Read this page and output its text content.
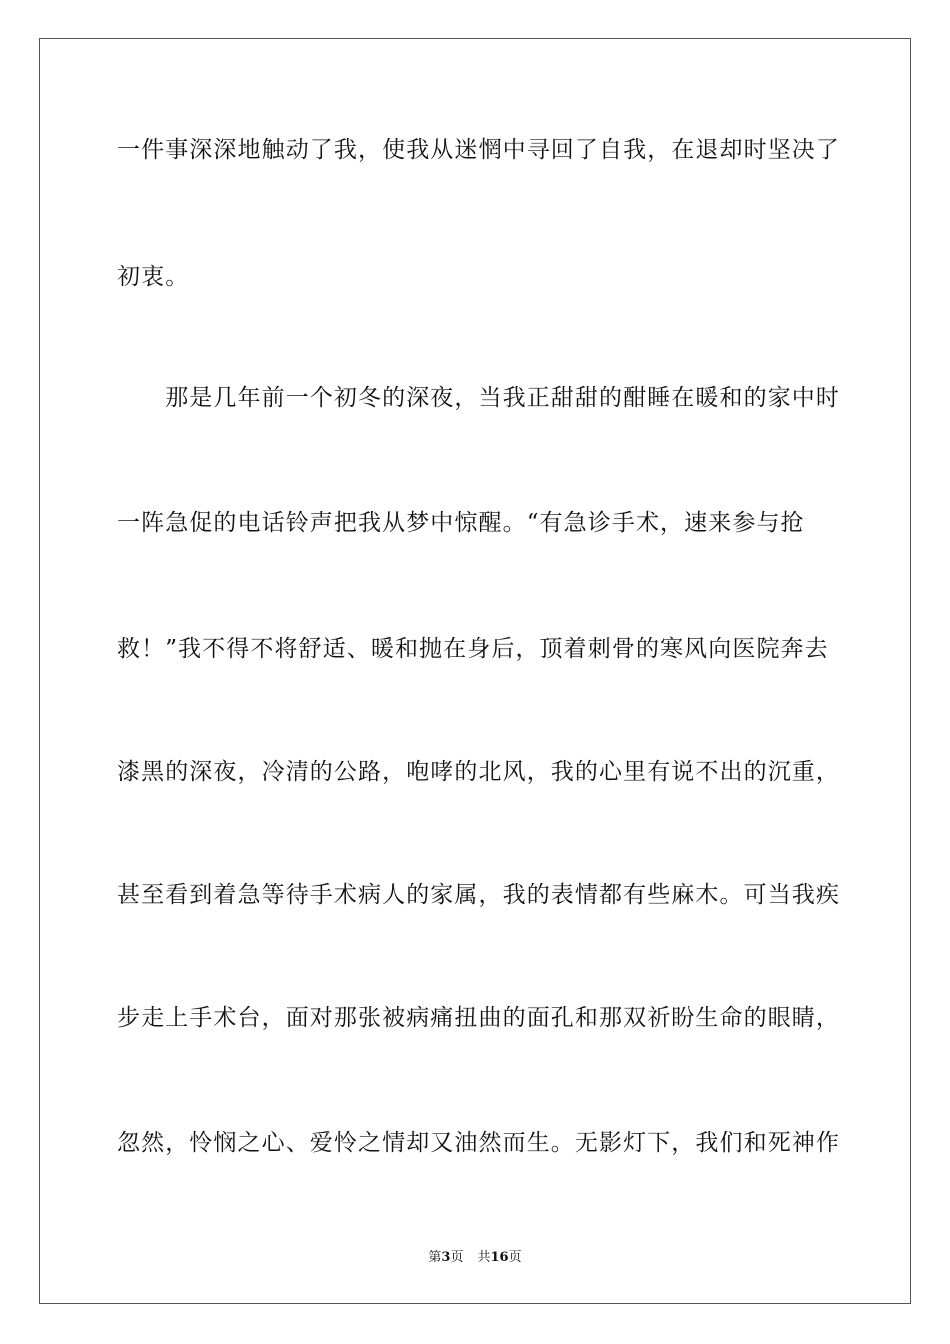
一件事深深地触动了我，使我从迷惘中寻回了自我，在退却时坚决了
初衷。
　　那是几年前一个初冬的深夜，当我正甜甜的酣睡在暖和的家中时
一阵急促的电话铃声把我从梦中惊醒。“有急诊手术，速来参与抢
救！”我不得不将舒适、暖和抛在身后，顶着刺骨的寒风向医院奔去
漆黑的深夜，冷清的公路，咆哮的北风，我的心里有说不出的沉重，
甚至看到着急等待手术病人的家属，我的表情都有些麻木。可当我疾
步走上手术台，面对那张被病痛扭曲的面孔和那双祈盼生命的眼睛，
忽然，怜悯之心、爱怜之情却又油然而生。无影灯下，我们和死神作
第3页 共16页
